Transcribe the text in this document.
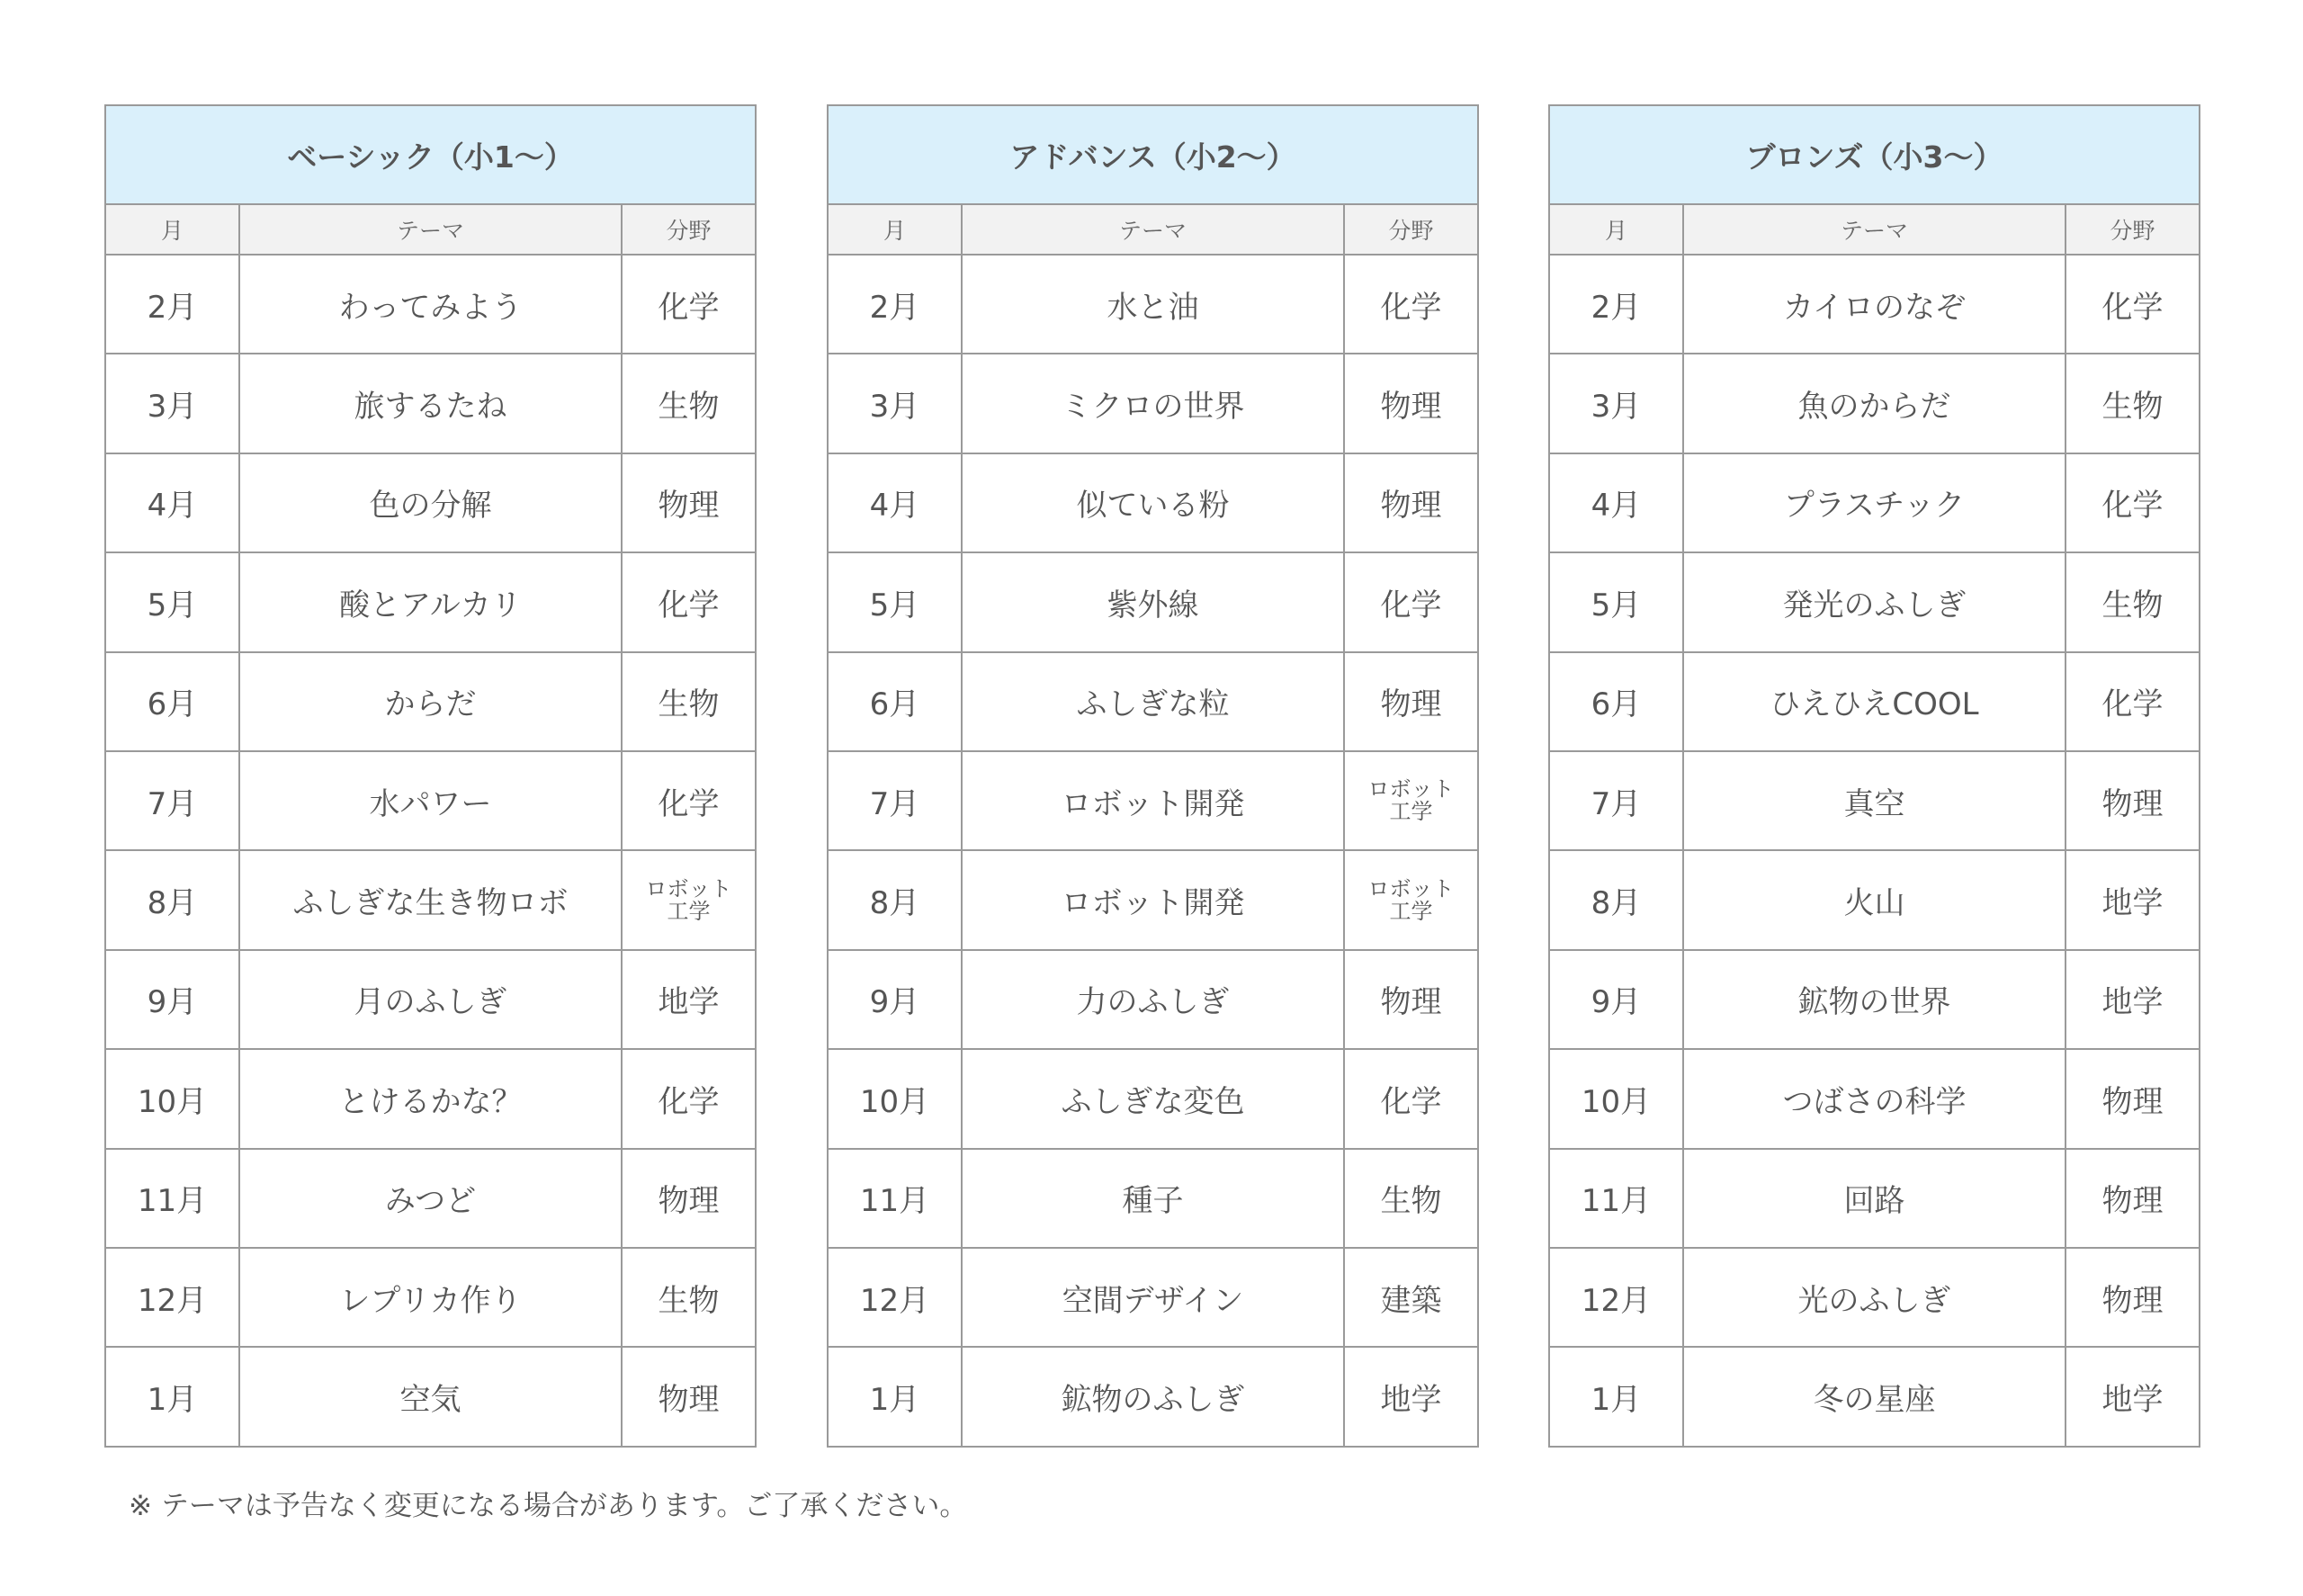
ベーシック（小1〜）		
月	テーマ	分野
2月	わってみよう	化学
3月	旅するたね	生物
4月	色の分解	物理
5月	酸とアルカリ	化学
6月	からだ	生物
7月	水パワー	化学
8月	ふしぎな生き物ロボ	ロボット
工学

9月	月のふしぎ	地学
10月	とけるかな？	化学
11月	みつど	物理
12月	レプリカ作り	生物
1月	空気	物理
アドバンス（小2〜）		
月	テーマ	分野
2月	水と油	化学
3月	ミクロの世界	物理
4月	似ている粉	物理
5月	紫外線	化学
6月	ふしぎな粒	物理
7月	ロボット開発	ロボット
工学

8月	ロボット開発	ロボット
工学

9月	力のふしぎ	物理
10月	ふしぎな変色	化学
11月	種子	生物
12月	空間デザイン	建築
1月	鉱物のふしぎ	地学
ブロンズ（小3〜）		
月	テーマ	分野
2月	カイロのなぞ	化学
3月	魚のからだ	生物
4月	プラスチック	化学
5月	発光のふしぎ	生物
6月	ひえひえCOOL	化学
7月	真空	物理
8月	火山	地学
9月	鉱物の世界	地学
10月	つばさの科学	物理
11月	回路	物理
12月	光のふしぎ	物理
1月	冬の星座	地学
※ テーマは予告なく変更になる場合があります。ご了承ください。
